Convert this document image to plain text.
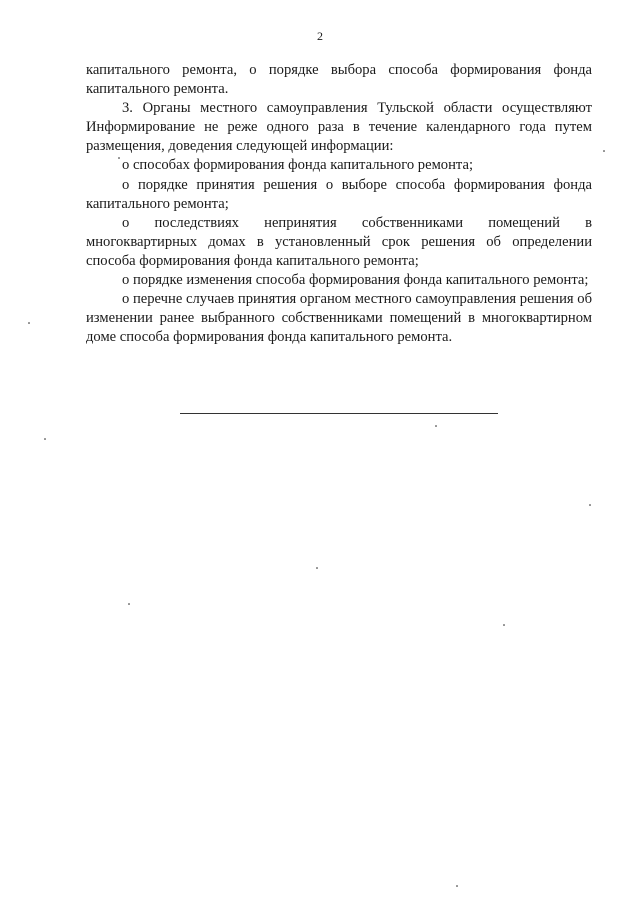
2

капитального ремонта, о порядке выбора способа формирования фонда капитального ремонта.

3. Органы местного самоуправления Тульской области осуществляют Информирование не реже одного раза в течение календарного года путем размещения, доведения следующей информации:

о способах формирования фонда капитального ремонта;

о порядке принятия решения о выборе способа формирования фонда капитального ремонта;

о последствиях непринятия собственниками помещений в многоквартирных домах в установленный срок решения об определении способа формирования фонда капитального ремонта;

о порядке изменения способа формирования фонда капитального ремонта;

о перечне случаев принятия органом местного самоуправления решения об изменении ранее выбранного собственниками помещений в многоквартирном доме способа формирования фонда капитального ремонта.
